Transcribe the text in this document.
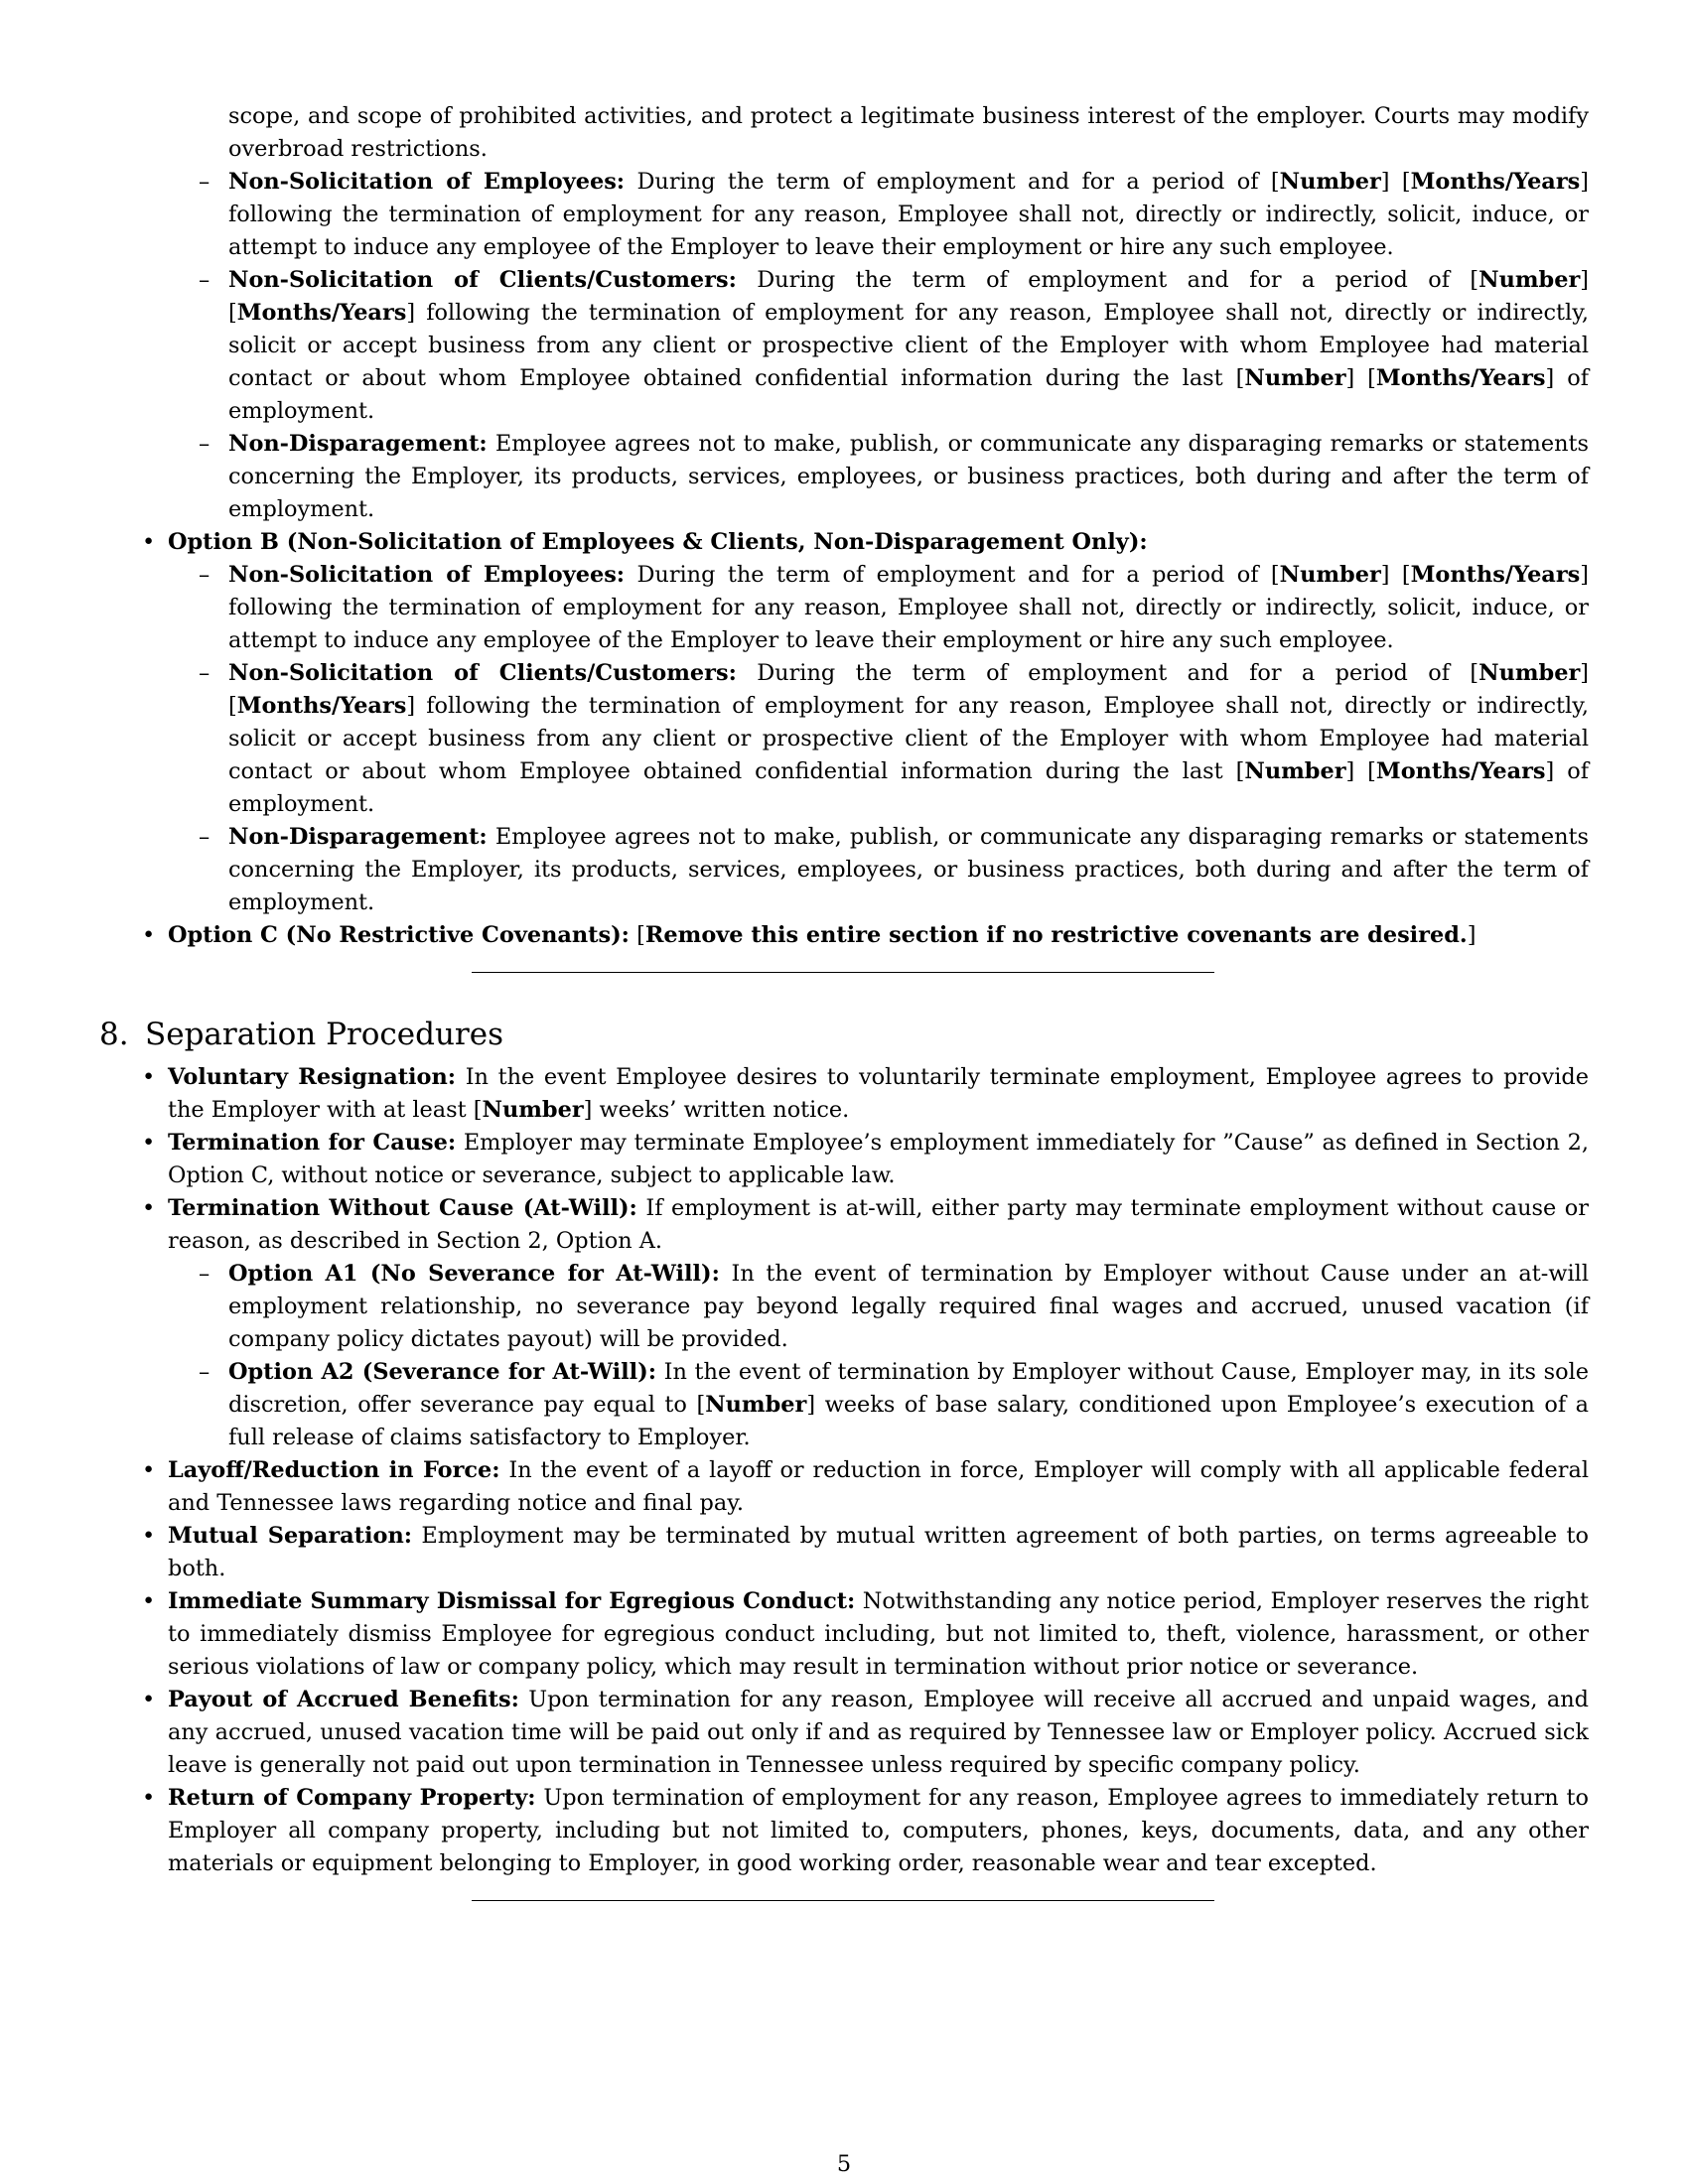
scope, and scope of prohibited activities, and protect a legitimate business interest of the employer. Courts may modify overbroad restrictions.
– Non-Solicitation of Employees: During the term of employment and for a period of [Number] [Months/Years] following the termination of employment for any reason, Employee shall not, directly or indirectly, solicit, induce, or attempt to induce any employee of the Employer to leave their employment or hire any such employee.
– Non-Solicitation of Clients/Customers: During the term of employment and for a period of [Number] [Months/Years] following the termination of employment for any reason, Employee shall not, directly or indirectly, solicit or accept business from any client or prospective client of the Employer with whom Employee had material contact or about whom Employee obtained confidential information during the last [Number] [Months/Years] of employment.
– Non-Disparagement: Employee agrees not to make, publish, or communicate any disparaging remarks or statements concerning the Employer, its products, services, employees, or business practices, both during and after the term of employment.
• Option B (Non-Solicitation of Employees & Clients, Non-Disparagement Only):
– Non-Solicitation of Employees: During the term of employment and for a period of [Number] [Months/Years] following the termination of employment for any reason, Employee shall not, directly or indirectly, solicit, induce, or attempt to induce any employee of the Employer to leave their employment or hire any such employee.
– Non-Solicitation of Clients/Customers: During the term of employment and for a period of [Number] [Months/Years] following the termination of employment for any reason, Employee shall not, directly or indirectly, solicit or accept business from any client or prospective client of the Employer with whom Employee had material contact or about whom Employee obtained confidential information during the last [Number] [Months/Years] of employment.
– Non-Disparagement: Employee agrees not to make, publish, or communicate any disparaging remarks or statements concerning the Employer, its products, services, employees, or business practices, both during and after the term of employment.
• Option C (No Restrictive Covenants): [Remove this entire section if no restrictive covenants are desired.]
8. Separation Procedures
• Voluntary Resignation: In the event Employee desires to voluntarily terminate employment, Employee agrees to provide the Employer with at least [Number] weeks’ written notice.
• Termination for Cause: Employer may terminate Employee’s employment immediately for ”Cause” as defined in Section 2, Option C, without notice or severance, subject to applicable law.
• Termination Without Cause (At-Will): If employment is at-will, either party may terminate employment without cause or reason, as described in Section 2, Option A.
– Option A1 (No Severance for At-Will): In the event of termination by Employer without Cause under an at-will employment relationship, no severance pay beyond legally required final wages and accrued, unused vacation (if company policy dictates payout) will be provided.
– Option A2 (Severance for At-Will): In the event of termination by Employer without Cause, Employer may, in its sole discretion, offer severance pay equal to [Number] weeks of base salary, conditioned upon Employee’s execution of a full release of claims satisfactory to Employer.
• Layoff/Reduction in Force: In the event of a layoff or reduction in force, Employer will comply with all applicable federal and Tennessee laws regarding notice and final pay.
• Mutual Separation: Employment may be terminated by mutual written agreement of both parties, on terms agreeable to both.
• Immediate Summary Dismissal for Egregious Conduct: Notwithstanding any notice period, Employer reserves the right to immediately dismiss Employee for egregious conduct including, but not limited to, theft, violence, harassment, or other serious violations of law or company policy, which may result in termination without prior notice or severance.
• Payout of Accrued Benefits: Upon termination for any reason, Employee will receive all accrued and unpaid wages, and any accrued, unused vacation time will be paid out only if and as required by Tennessee law or Employer policy. Accrued sick leave is generally not paid out upon termination in Tennessee unless required by specific company policy.
• Return of Company Property: Upon termination of employment for any reason, Employee agrees to immediately return to Employer all company property, including but not limited to, computers, phones, keys, documents, data, and any other materials or equipment belonging to Employer, in good working order, reasonable wear and tear excepted.
5
